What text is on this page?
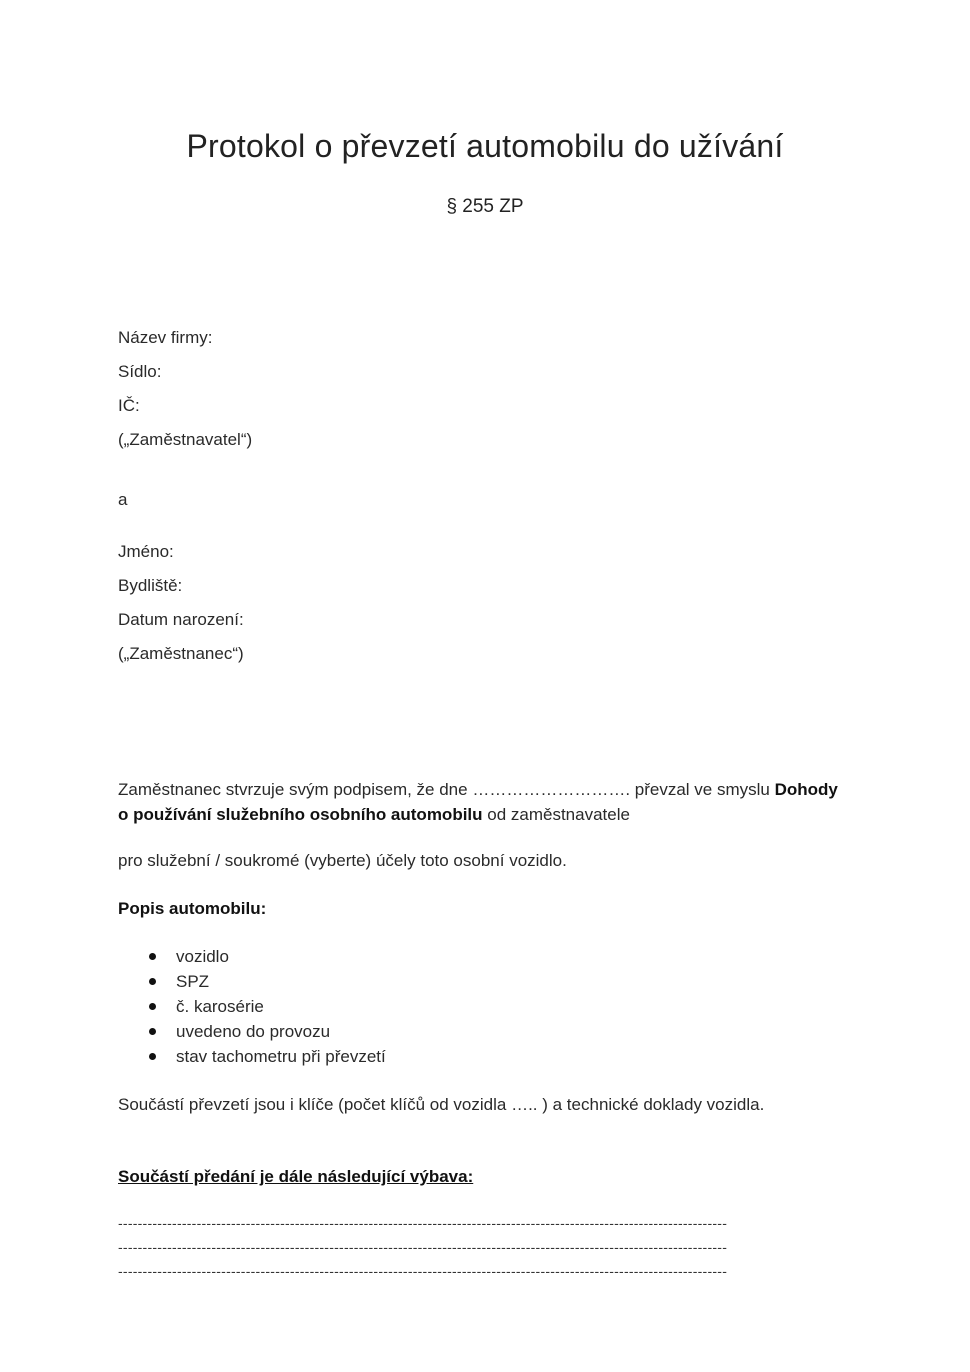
Protokol o převzetí automobilu do užívání
§ 255 ZP
Název firmy:
Sídlo:
IČ:
(„Zaměstnavatel“)
a
Jméno:
Bydliště:
Datum narození:
(„Zaměstnanec“)
Zaměstnanec stvrzuje svým podpisem, že dne ………………………. převzal ve smyslu Dohody o používání služebního osobního automobilu od zaměstnavatele
pro služební / soukromé (vyberte) účely toto osobní vozidlo.
Popis automobilu:
vozidlo
SPZ
č. karosérie
uvedeno do provozu
stav tachometru při převzetí
Součástí převzetí jsou i klíče (počet klíčů od vozidla ….. ) a technické doklady vozidla.
Součástí předání je dále následující výbava:
----------------------------------------------------------------------------------------------------------------------------
----------------------------------------------------------------------------------------------------------------------------
----------------------------------------------------------------------------------------------------------------------------
